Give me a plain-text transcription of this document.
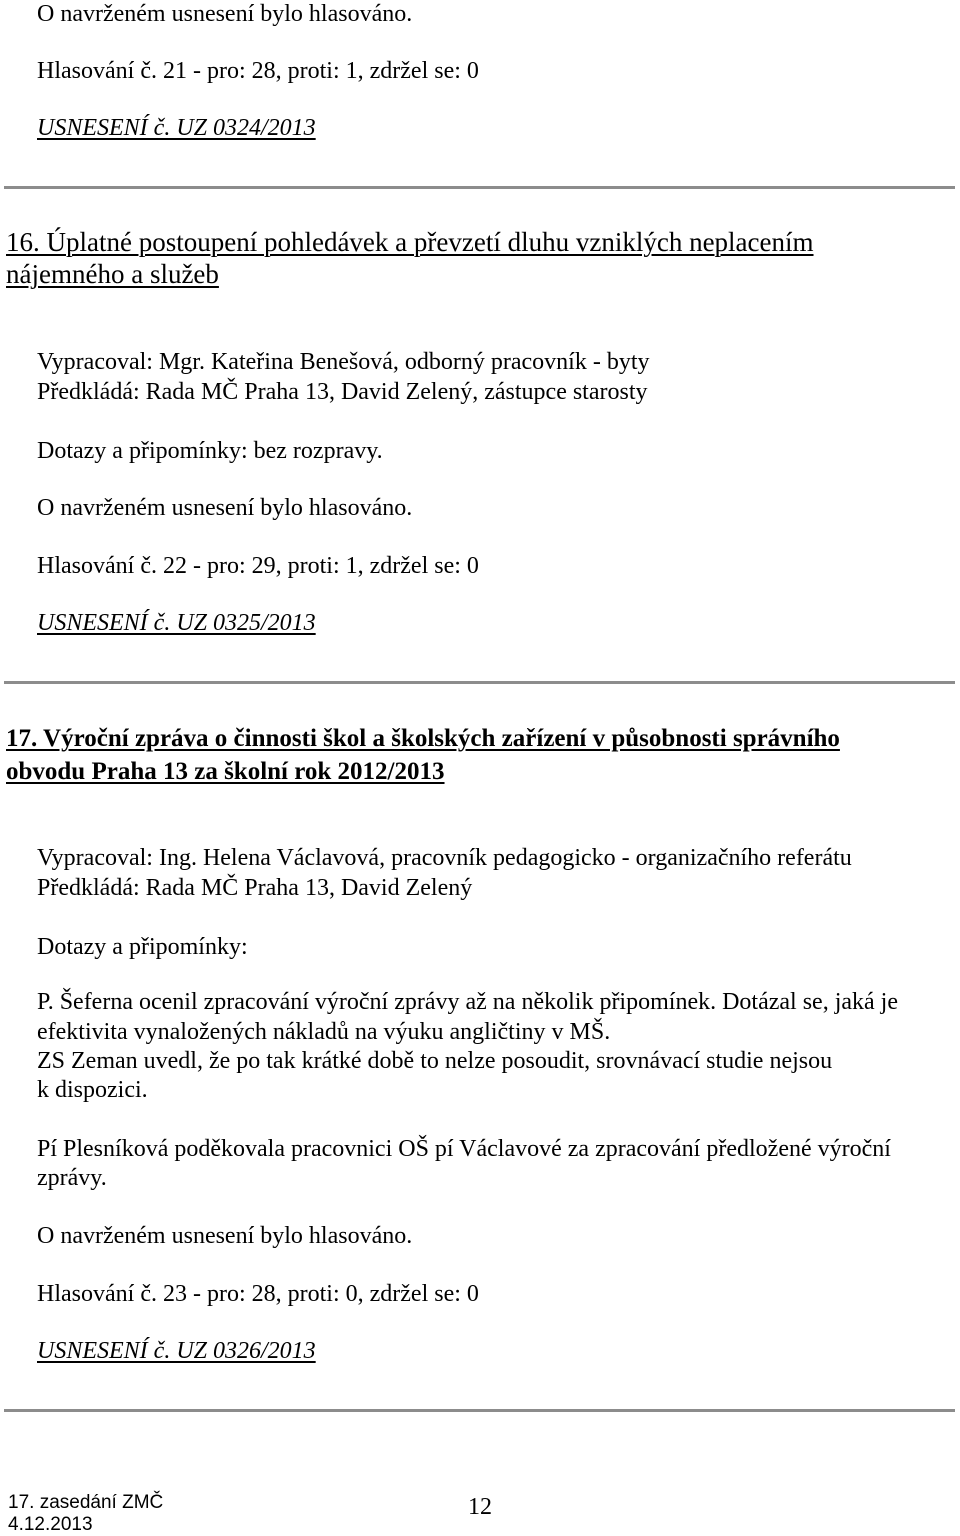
O navrženém usnesení bylo hlasováno.
Hlasování č. 21 - pro: 28, proti: 1, zdržel se: 0
USNESENÍ č. UZ 0324/2013
16. Úplatné postoupení pohledávek a převzetí dluhu vzniklých neplacením
nájemného a služeb
Vypracoval: Mgr. Kateřina Benešová, odborný pracovník - byty
Předkládá: Rada MČ Praha 13, David Zelený, zástupce starosty
Dotazy a připomínky: bez rozpravy.
O navrženém usnesení bylo hlasováno.
Hlasování č. 22 - pro: 29, proti: 1, zdržel se: 0
USNESENÍ č. UZ 0325/2013
17. Výroční zpráva o činnosti škol a školských zařízení v působnosti správního
obvodu Praha 13 za školní rok 2012/2013
Vypracoval: Ing. Helena Václavová, pracovník pedagogicko - organizačního referátu
Předkládá: Rada MČ Praha 13, David Zelený
Dotazy a připomínky:
P. Šeferna ocenil zpracování výroční zprávy až na několik připomínek. Dotázal se, jaká je
efektivita vynaložených nákladů na výuku angličtiny v MŠ.
ZS Zeman uvedl, že po tak krátké době to nelze posoudit, srovnávací studie nejsou
k dispozici.
Pí Plesníková poděkovala pracovnici OŠ pí Václavové za zpracování předložené výroční
zprávy.
O navrženém usnesení bylo hlasováno.
Hlasování č. 23 - pro: 28, proti: 0, zdržel se: 0
USNESENÍ č. UZ 0326/2013
17. zasedání ZMČ
4.12.2013
12
